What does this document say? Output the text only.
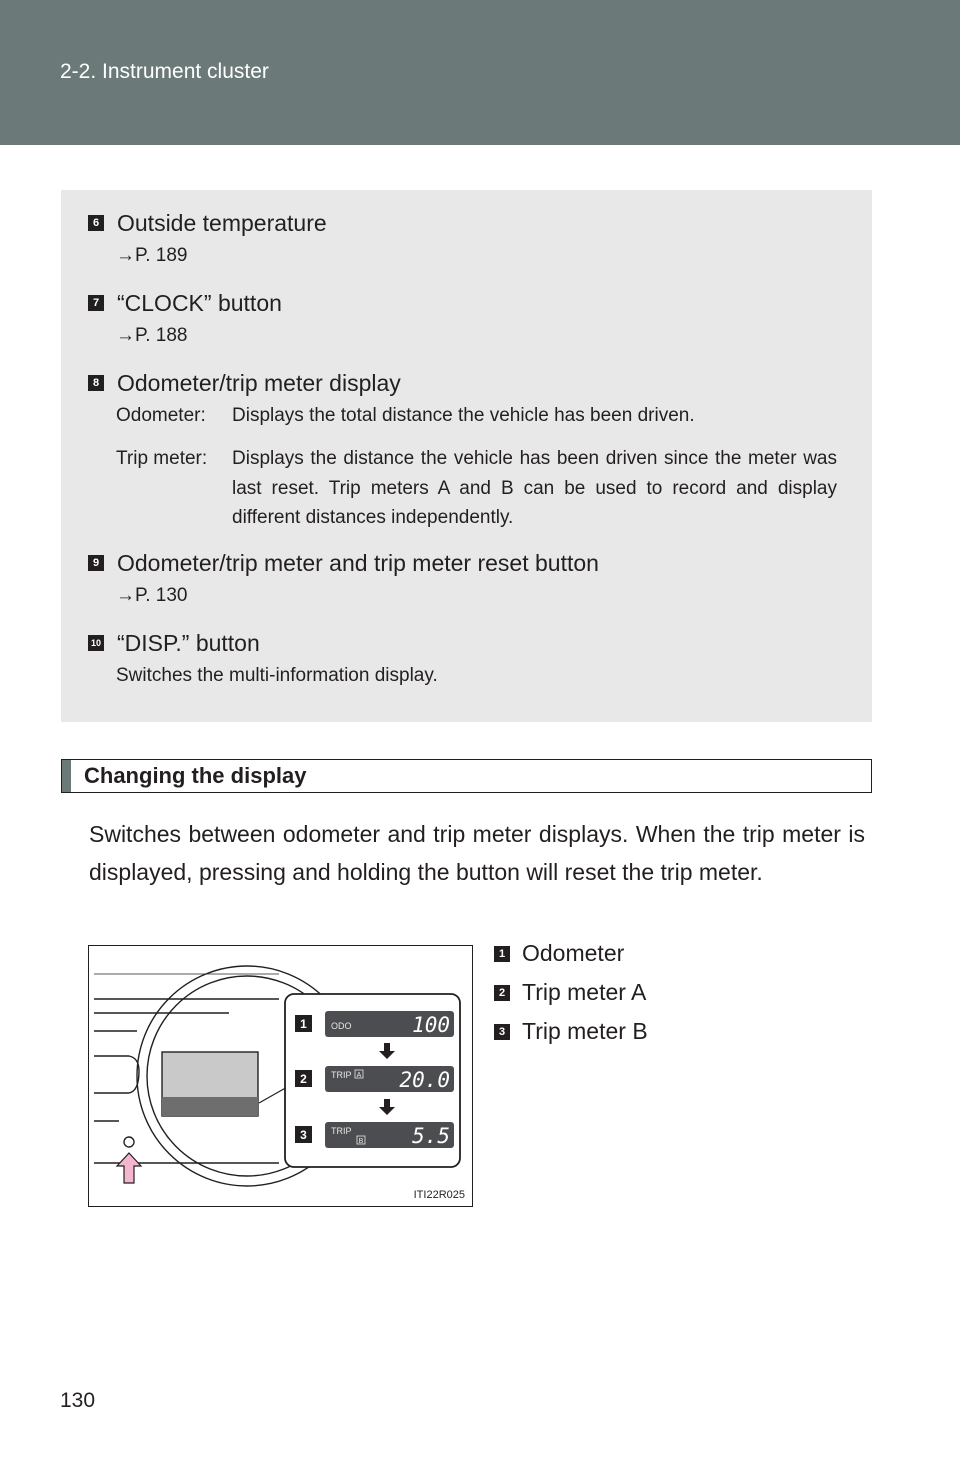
2-2. Instrument cluster
6 Outside temperature
→P. 189
7 “CLOCK” button
→P. 188
8 Odometer/trip meter display
Odometer: Displays the total distance the vehicle has been driven.
Trip meter: Displays the distance the vehicle has been driven since the meter was last reset. Trip meters A and B can be used to record and display different distances independently.
9 Odometer/trip meter and trip meter reset button
→P. 130
10 “DISP.” button
Switches the multi-information display.
Changing the display
Switches between odometer and trip meter displays. When the trip meter is displayed, pressing and holding the button will reset the trip meter.
1 Odometer
2 Trip meter A
3 Trip meter B
1	ODO	100
2	TRIP A 20.0
3	TRIP
B 5.5
ITI22R025
130
